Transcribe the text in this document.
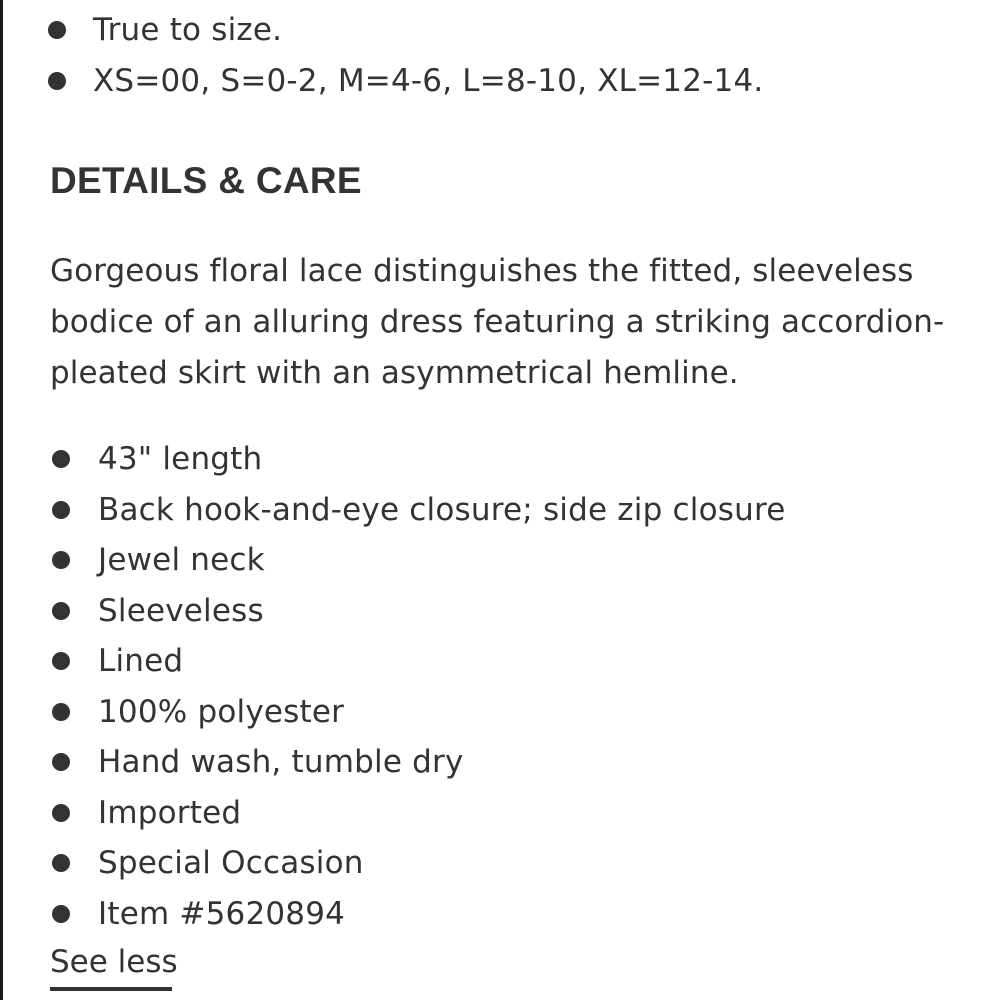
True to size.
XS=00, S=0-2, M=4-6, L=8-10, XL=12-14.
DETAILS & CARE

Gorgeous floral lace distinguishes the fitted, sleeveless bodice of an alluring dress featuring a striking accordion-pleated skirt with an asymmetrical hemline.

43" length
Back hook-and-eye closure; side zip closure
Jewel neck
Sleeveless
Lined
100% polyester
Hand wash, tumble dry
Imported
Special Occasion
Item #5620894
See less
